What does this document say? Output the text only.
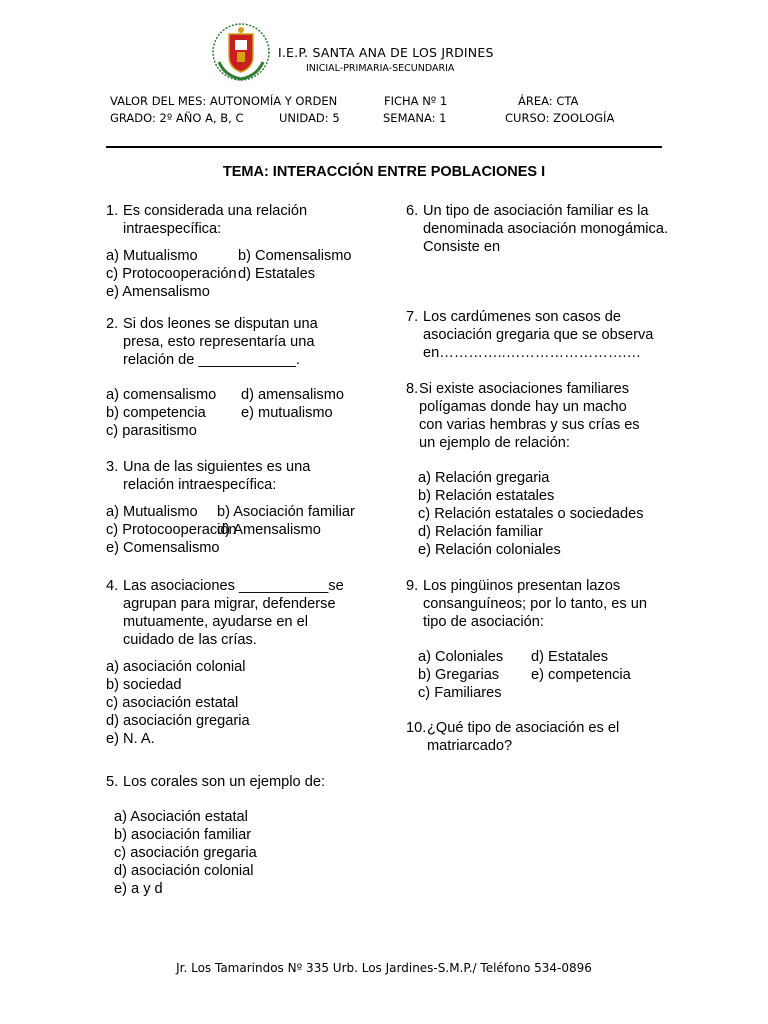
I.E.P. SANTA ANA DE LOS JRDINES
INICIAL-PRIMARIA-SECUNDARIA
VALOR DEL MES: AUTONOMÍA Y ORDEN	FICHA Nº 1	ÁREA: CTA
GRADO: 2º AÑO A, B, C	UNIDAD: 5	SEMANA: 1	CURSO: ZOOLOGÍA
TEMA: INTERACCIÓN ENTRE POBLACIONES I
1. Es considerada una relación
intraespecífica:
a) Mutualismo	b) Comensalismo
c) Protocooperación d) Estatales
e) Amensalismo
2. Si dos leones se disputan una
presa, esto representaría una
relación de ____________.
a) comensalismo	d) amensalismo
b) competencia	e) mutualismo
c) parasitismo
3. Una de las siguientes es una
relación intraespecífica:
a) Mutualismo	b) Asociación familiar
c) Protocooperación
d) Amensalismo
e) Comensalismo
4. Las asociaciones ___________se
agrupan para migrar, defenderse
mutuamente, ayudarse en el
cuidado de las crías.
a) asociación colonial
b) sociedad
c) asociación estatal
d) asociación gregaria
e) N. A.
5. Los corales son un ejemplo de:
a) Asociación estatal
b) asociación familiar
c) asociación gregaria
d) asociación colonial
e) a y d
6. Un tipo de asociación familiar es la
denominada asociación monogámica.
Consiste en
7. Los cardúmenes son casos de
asociación gregaria que se observa
en…………..…………………….…
8. Si existe asociaciones familiares
polígamas donde hay un macho
con varias hembras y sus crías es
un ejemplo de relación:
a) Relación gregaria
b) Relación estatales
c) Relación estatales o sociedades
d) Relación familiar
e) Relación coloniales
9. Los pingüinos presentan lazos
consanguíneos; por lo tanto, es un
tipo de asociación:
a) Coloniales	d) Estatales
b) Gregarias	e) competencia
c) Familiares
10. ¿Qué tipo de asociación es el
matriarcado?
Jr. Los Tamarindos Nº 335 Urb. Los Jardines-S.M.P./ Teléfono 534-0896
